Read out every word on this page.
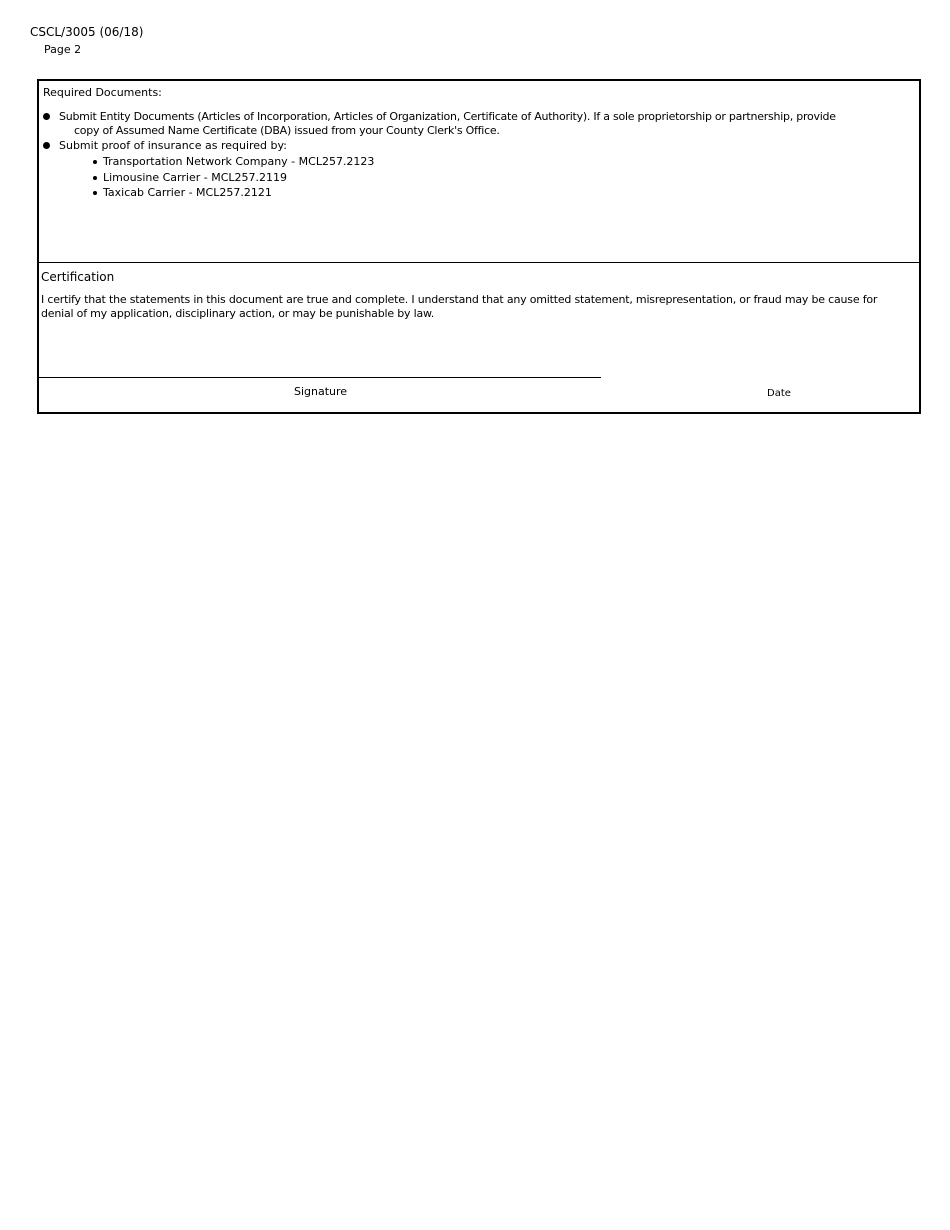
CSCL/3005 (06/18)
Page 2
Required Documents:
Submit Entity Documents (Articles of Incorporation, Articles of Organization, Certificate of Authority). If a sole proprietorship or partnership, provide
copy of Assumed Name Certificate (DBA) issued from your County Clerk's Office.
Submit proof of insurance as required by:
Transportation Network Company - MCL257.2123
Limousine Carrier - MCL257.2119
Taxicab Carrier - MCL257.2121
Certification
I certify that the statements in this document are true and complete. I understand that any omitted statement, misrepresentation, or fraud may be cause for
denial of my application, disciplinary action, or may be punishable by law.
Signature	Date
